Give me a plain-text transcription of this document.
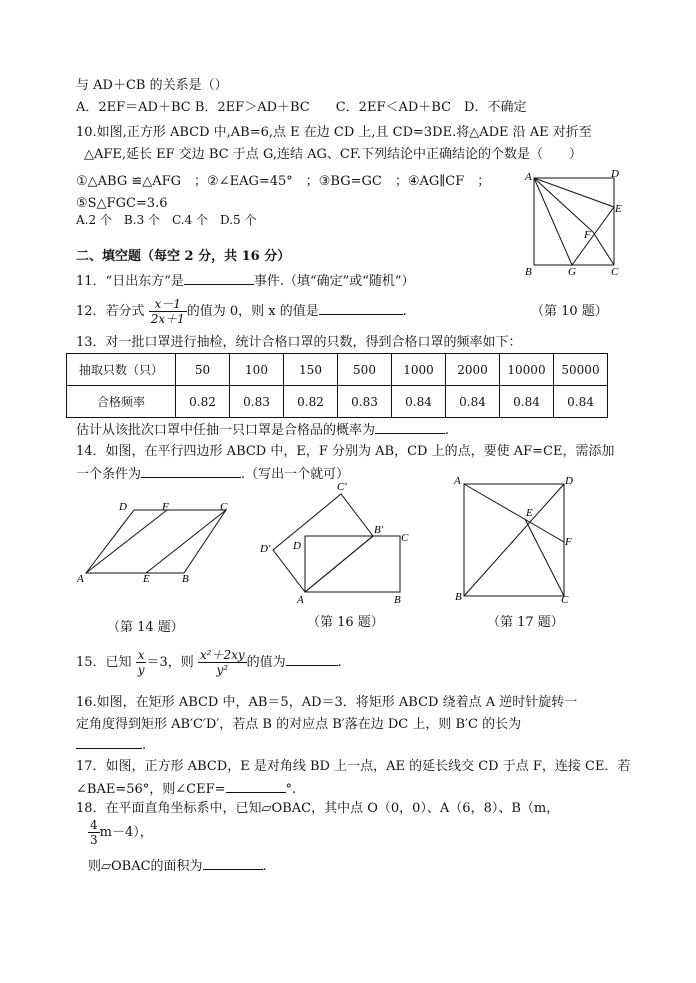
与 AD＋CB 的关系是（）
A．2EF＝AD＋BC B．2EF＞AD＋BC　　C．2EF＜AD＋BC　D．不确定
10.如图,正方形 ABCD 中,AB=6,点 E 在边 CD 上,且 CD=3DE.将△ADE 沿 AE 对折至
△AFE,延长 EF 交边 BC 于点 G,连结 AG、CF.下列结论中正确结论的个数是（　　）
①△ABG ≌△AFG　；②∠EAG=45°　；③BG=GC　；④AG∥CF　；
⑤S△FGC=3.6
A.2 个　B.3 个　C.4 个　D.5 个
A	D
E
F
B	G	C
二、填空题（每空 2 分，共 16 分）
11．“日出东方”是	事件.（填“确定”或“随机”）
12．若分式 $\frac{x-1}{2x+1}$ 的值为 0，则 x 的值是	.	（第 10 题）
13．对一批口罩进行抽检，统计合格口罩的只数，得到合格口罩的频率如下：
抽取只数（只）	50	100	150	500	1000	2000	10000	50000
合格频率	0.82	0.83	0.82	0.83	0.84	0.84	0.84	0.84
估计从该批次口罩中任抽一只口罩是合格品的概率为	.
14．如图，在平行四边形 ABCD 中，E，F 分别为 AB，CD 上的点，要使 AF=CE，需添加
一个条件为	.（写出一个就可）
D	F	C
A	E	B
（第 14 题）
C′
B′
C
D
D′
A	B
（第 16 题）
A	D
E
F
B	C
（第 17 题）
15．已知 $\frac{x}{y} =3$，则 $\frac{\text{x²＋2xy}}{\text{y²}}$ 的值为	.
16.如图，在矩形 ABCD 中，AB＝5，AD＝3．将矩形 ABCD 绕着点 A 逆时针旋转一
定角度得到矩形 AB′C′D′，若点 B 的对应点 B′落在边 DC 上，则 B′C 的长为
.
17．如图，正方形 ABCD，E 是对角线 BD 上一点，AE 的延长线交 CD 于点 F，连接 CE．若
∠BAE=56°，则∠CEF=	°.
18．在平面直角坐标系中，已知▱OBAC，其中点 O（0，0）、A（6，8）、B（m，
$\frac{4}{3} m-4$），
则▱OBAC的面积为	.
